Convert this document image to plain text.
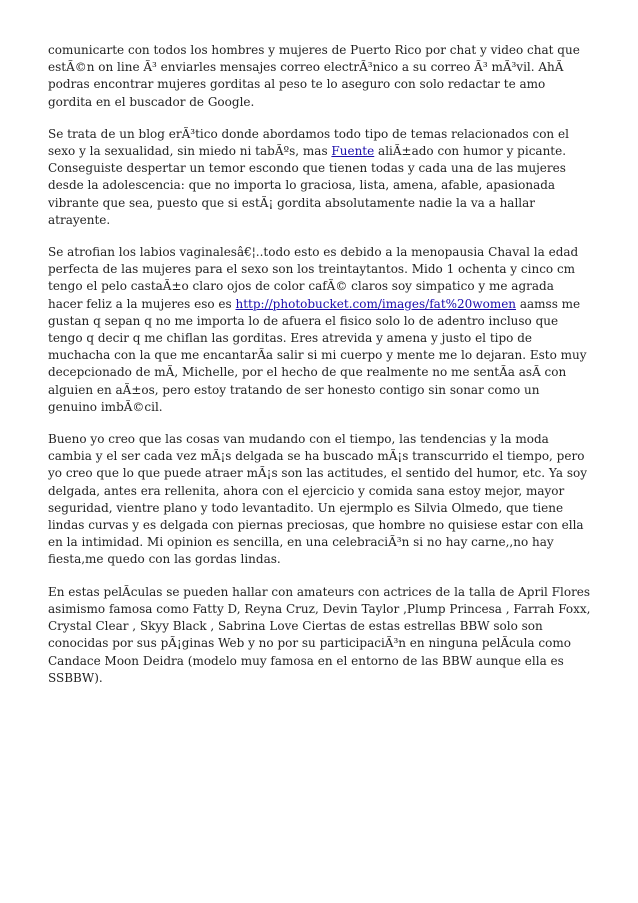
comunicarte con todos los hombres y mujeres de Puerto Rico por chat y video chat que estÃ©n on line Ã³ enviarles mensajes correo electrÃ³nico a su correo Ã³ mÃ³vil. AhÃ podras encontrar mujeres gorditas al peso te lo aseguro con solo redactar te amo gordita en el buscador de Google.

Se trata de un blog erÃ³tico donde abordamos todo tipo de temas relacionados con el sexo y la sexualidad, sin miedo ni tabÃºs, mas Fuente aliÃ±ado con humor y picante. Conseguiste despertar un temor escondo que tienen todas y cada una de las mujeres desde la adolescencia: que no importa lo graciosa, lista, amena, afable, apasionada vibrante que sea, puesto que si estÃ¡ gordita absolutamente nadie la va a hallar atrayente.

Se atrofian los labios vaginalesâ€¦..todo esto es debido a la menopausia Chaval la edad perfecta de las mujeres para el sexo son los treintaytantos. Mido 1 ochenta y cinco cm tengo el pelo castaÃ±o claro ojos de color cafÃ© claros soy simpatico y me agrada hacer feliz a la mujeres eso es http://photobucket.com/images/fat%20women aamss me gustan q sepan q no me importa lo de afuera el fisico solo lo de adentro incluso que tengo q decir q me chiflan las gorditas. Eres atrevida y amena y justo el tipo de muchacha con la que me encantarÃa salir si mi cuerpo y mente me lo dejaran. Esto muy decepcionado de mÃ, Michelle, por el hecho de que realmente no me sentÃa asÃ con alguien en aÃ±os, pero estoy tratando de ser honesto contigo sin sonar como un genuino imbÃ©cil.

Bueno yo creo que las cosas van mudando con el tiempo, las tendencias y la moda cambia y el ser cada vez mÃ¡s delgada se ha buscado mÃ¡s transcurrido el tiempo, pero yo creo que lo que puede atraer mÃ¡s son las actitudes, el sentido del humor, etc. Ya soy delgada, antes era rellenita, ahora con el ejercicio y comida sana estoy mejor, mayor seguridad, vientre plano y todo levantadito. Un ejermplo es Silvia Olmedo, que tiene lindas curvas y es delgada con piernas preciosas, que hombre no quisiese estar con ella en la intimidad. Mi opinion es sencilla, en una celebraciÃ³n si no hay carne,,no hay fiesta,me quedo con las gordas lindas.

En estas pelÃculas se pueden hallar con amateurs con actrices de la talla de April Flores asimismo famosa como Fatty D, Reyna Cruz, Devin Taylor ,Plump Princesa , Farrah Foxx, Crystal Clear , Skyy Black , Sabrina Love Ciertas de estas estrellas BBW solo son conocidas por sus pÃ¡ginas Web y no por su participaciÃ³n en ninguna pelÃcula como Candace Moon Deidra (modelo muy famosa en el entorno de las BBW aunque ella es SSBBW).
